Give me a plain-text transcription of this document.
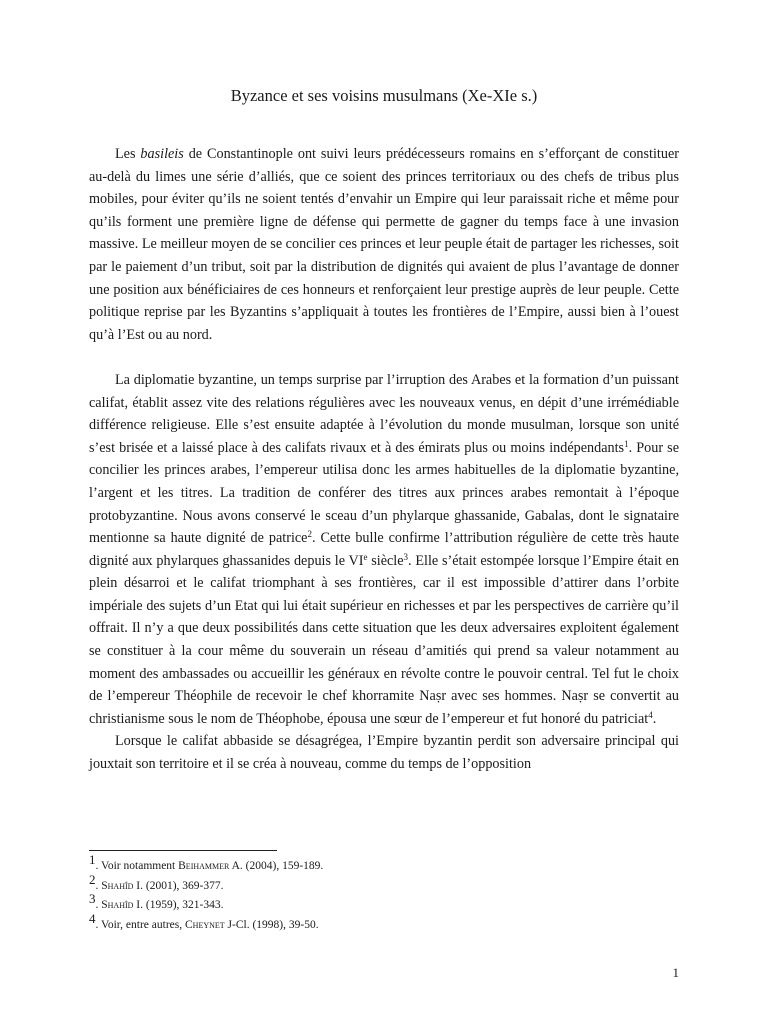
Byzance et ses voisins musulmans (Xe-XIe s.)

Les basileis de Constantinople ont suivi leurs prédécesseurs romains en s’efforçant de constituer au-delà du limes une série d’alliés, que ce soient des princes territoriaux ou des chefs de tribus plus mobiles, pour éviter qu’ils ne soient tentés d’envahir un Empire qui leur paraissait riche et même pour qu’ils forment une première ligne de défense qui permette de gagner du temps face à une invasion massive. Le meilleur moyen de se concilier ces princes et leur peuple était de partager les richesses, soit par le paiement d’un tribut, soit par la distribution de dignités qui avaient de plus l’avantage de donner une position aux bénéficiaires de ces honneurs et renforçaient leur prestige auprès de leur peuple. Cette politique reprise par les Byzantins s’appliquait à toutes les frontières de l’Empire, aussi bien à l’ouest qu’à l’Est ou au nord.

La diplomatie byzantine, un temps surprise par l’irruption des Arabes et la formation d’un puissant califat, établit assez vite des relations régulières avec les nouveaux venus, en dépit d’une irrémédiable différence religieuse. Elle s’est ensuite adaptée à l’évolution du monde musulman, lorsque son unité s’est brisée et a laissé place à des califats rivaux et à des émirats plus ou moins indépendants$^1$. Pour se concilier les princes arabes, l’empereur utilisa donc les armes habituelles de la diplomatie byzantine, l’argent et les titres. La tradition de conférer des titres aux princes arabes remontait à l’époque protobyzantine. Nous avons conservé le sceau d’un phylarque ghassanide, Gabalas, dont le signataire mentionne sa haute dignité de patrice$^2$. Cette bulle confirme l’attribution régulière de cette très haute dignité aux phylarques ghassanides depuis le VIe siècle$^3$. Elle s’était estompée lorsque l’Empire était en plein désarroi et le califat triomphant à ses frontières, car il est impossible d’attirer dans l’orbite impériale des sujets d’un Etat qui lui était supérieur en richesses et par les perspectives de carrière qu’il offrait. Il n’y a que deux possibilités dans cette situation que les deux adversaires exploitent également se constituer à la cour même du souverain un réseau d’amitiés qui prend sa valeur notamment au moment des ambassades ou accueillir les généraux en révolte contre le pouvoir central. Tel fut le choix de l’empereur Théophile de recevoir le chef khorramite Naṣr avec ses hommes. Naṣr se convertit au christianisme sous le nom de Théophobe, épousa une sœur de l’empereur et fut honoré du patriciat$^4$.

Lorsque le califat abbaside se désagrégea, l’Empire byzantin perdit son adversaire principal qui jouxtait son territoire et il se créa à nouveau, comme du temps de l’opposition

$^1$. Voir notamment Beihammer A. (2004), 159-189.
$^2$. Shahîd I. (2001), 369-377.
$^3$. Shahîd I. (1959), 321-343.
$^4$. Voir, entre autres, Cheynet J-Cl. (1998), 39-50.
1
